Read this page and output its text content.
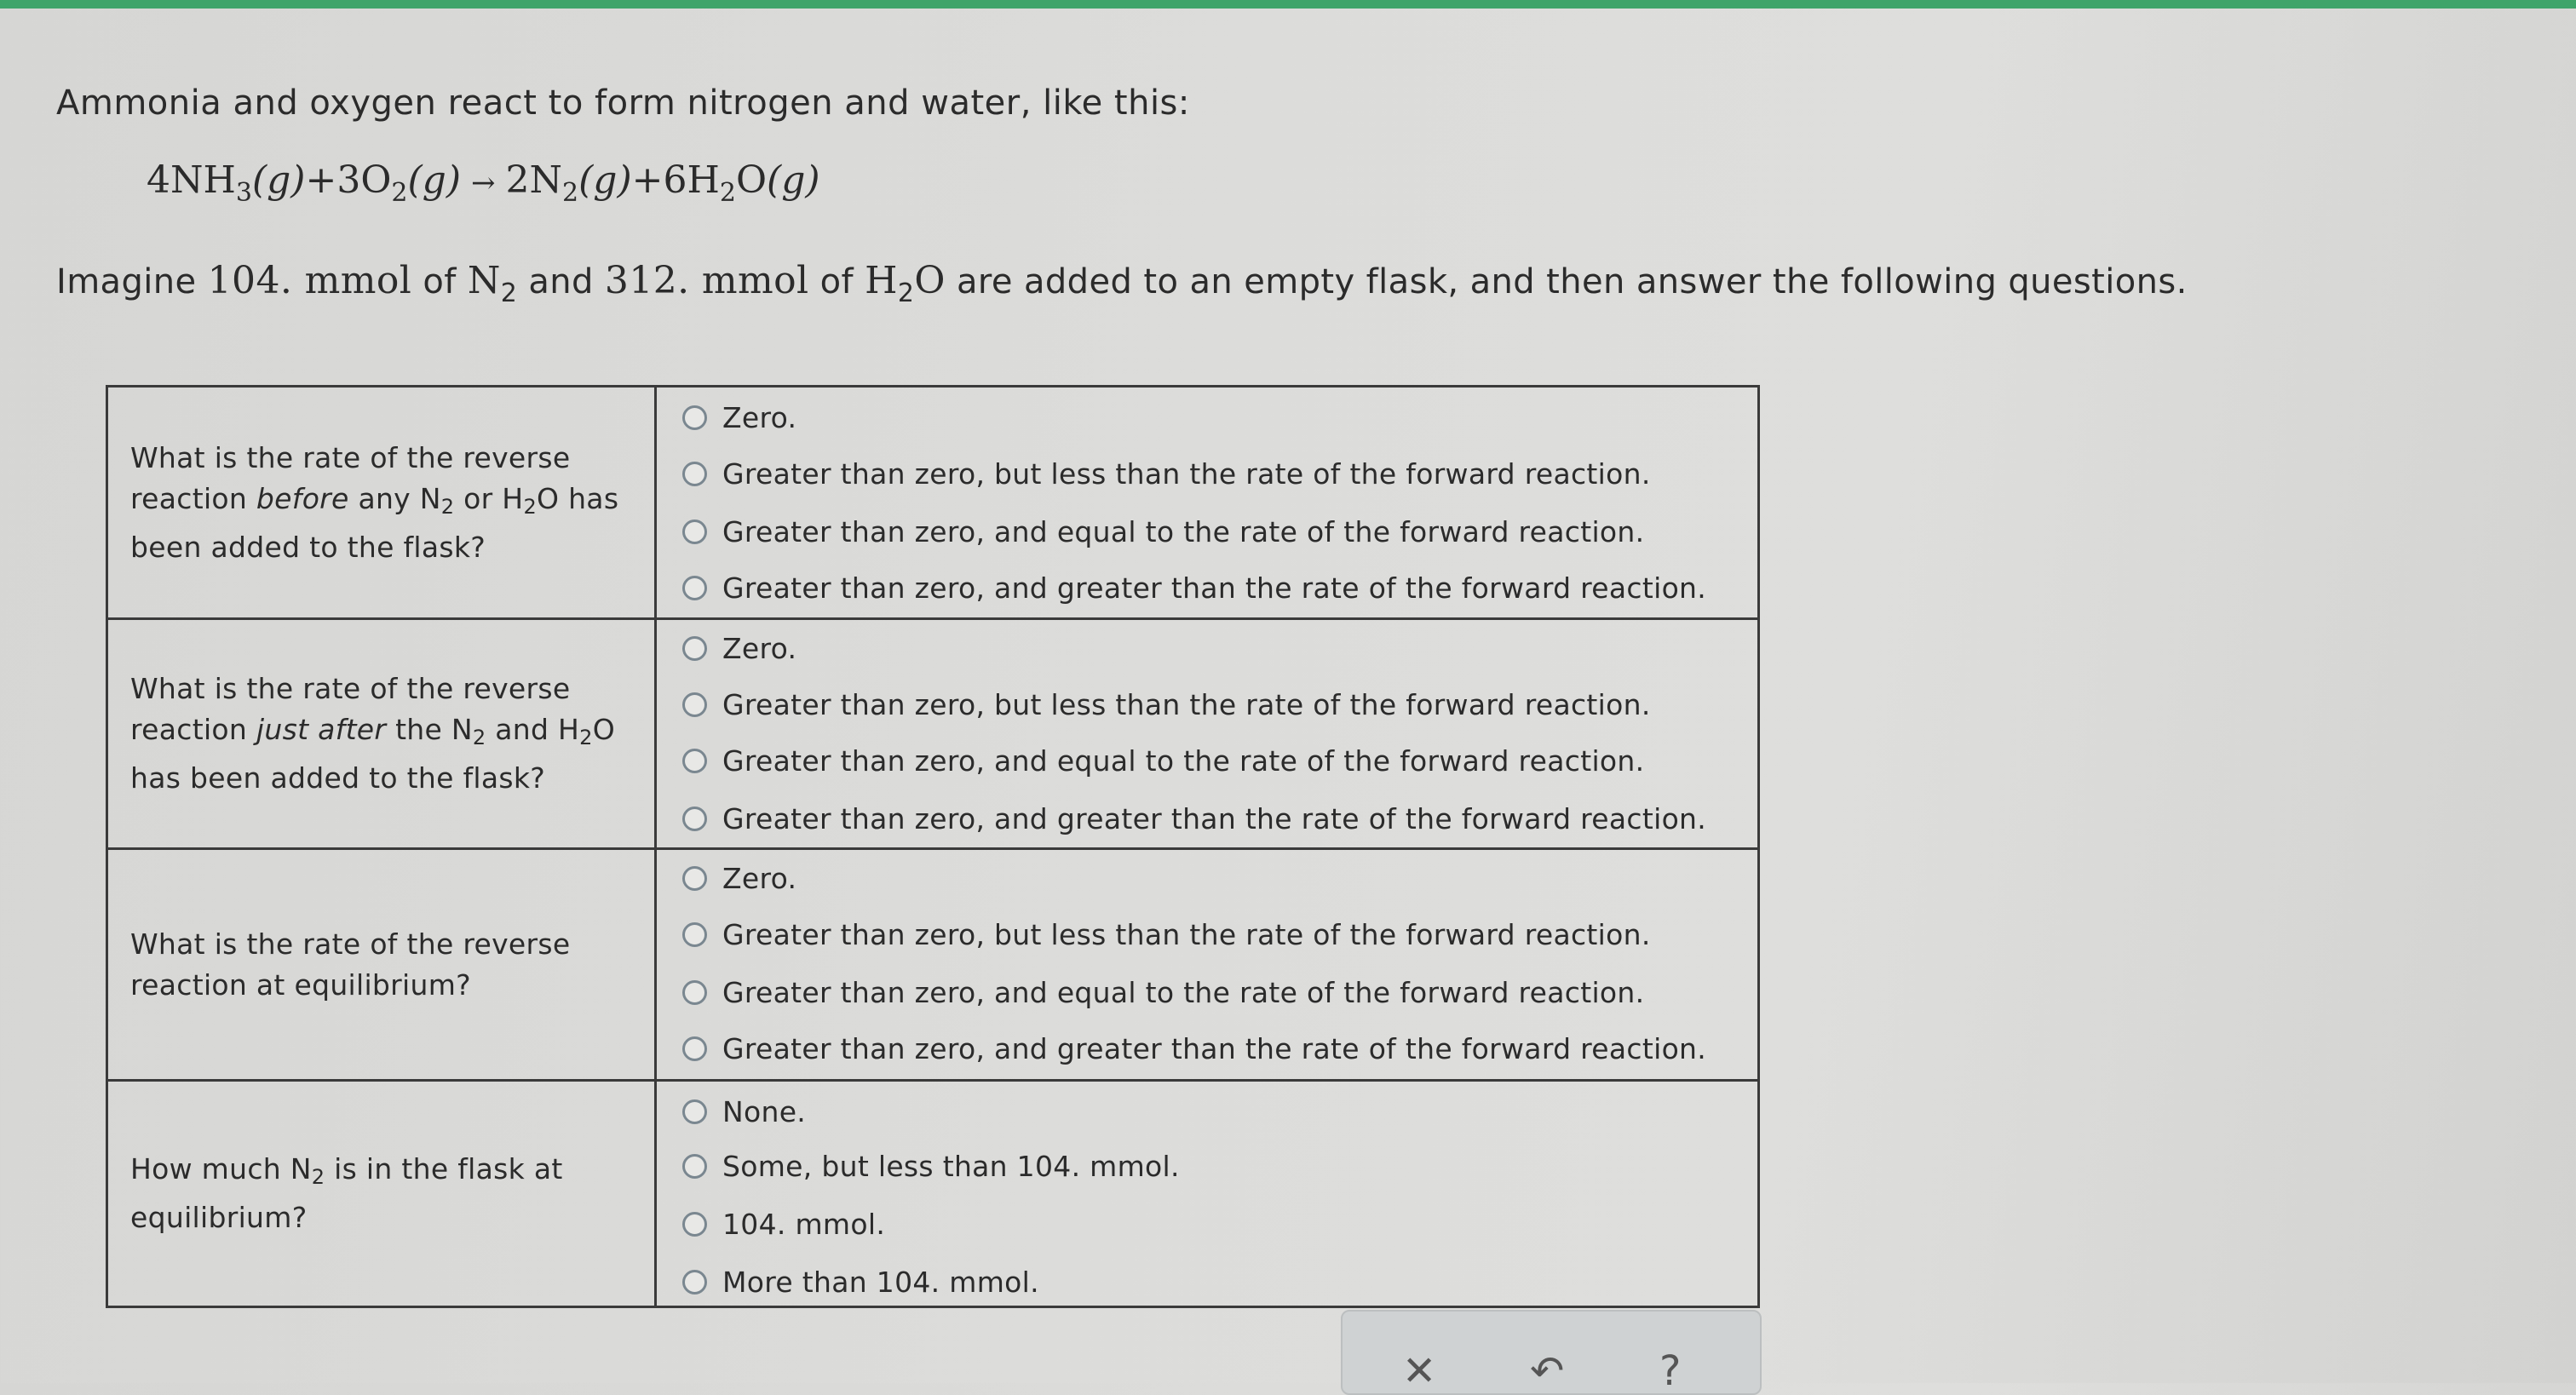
Ammonia and oxygen react to form nitrogen and water, like this:
$4NH_3(g)+3O_2(g) \to 2N_2(g)+6H_2O(g)$
Imagine 104. mmol of $N_2$ and 312. mmol of $H_2O$ are added to an empty flask, and then answer the following questions.
What is the rate of the reverse
reaction before any $N_2$ or $H_2O$ has
been added to the flask?
Zero.
Greater than zero, but less than the rate of the forward reaction.
Greater than zero, and equal to the rate of the forward reaction.
Greater than zero, and greater than the rate of the forward reaction.
What is the rate of the reverse
reaction just after the $N_2$ and $H_2O$
has been added to the flask?
Zero.
Greater than zero, but less than the rate of the forward reaction.
Greater than zero, and equal to the rate of the forward reaction.
Greater than zero, and greater than the rate of the forward reaction.
What is the rate of the reverse
reaction at equilibrium?
Zero.
Greater than zero, but less than the rate of the forward reaction.
Greater than zero, and equal to the rate of the forward reaction.
Greater than zero, and greater than the rate of the forward reaction.
How much $N_2$ is in the flask at
equilibrium?
None.
Some, but less than 104. mmol.
104. mmol.
More than 104. mmol.
✕ ↶ ?
